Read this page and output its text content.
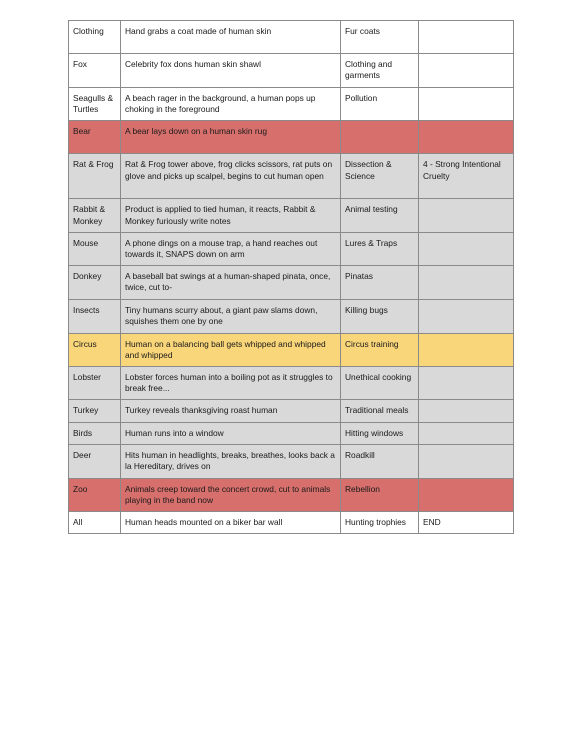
Clothing	Hand grabs a coat made of human skin	Fur coats	
Fox	Celebrity fox dons human skin shawl	Clothing and garments	
Seagulls & Turtles	A beach rager in the background, a human pops up choking in the foreground	Pollution	
Bear	A bear lays down on a human skin rug		
Rat & Frog	Rat & Frog tower above, frog clicks scissors, rat puts on glove and picks up scalpel, begins to cut human open	Dissection & Science	4 - Strong Intentional Cruelty
Rabbit & Monkey	Product is applied to tied human, it reacts, Rabbit & Monkey furiously write notes	Animal testing	
Mouse	A phone dings on a mouse trap, a hand reaches out towards it, SNAPS down on arm	Lures & Traps	
Donkey	A baseball bat swings at a human-shaped pinata, once, twice, cut to-	Pinatas	
Insects	Tiny humans scurry about, a giant paw slams down, squishes them one by one	Killing bugs	
Circus	Human on a balancing ball gets whipped and whipped and whipped	Circus training	
Lobster	Lobster forces human into a boiling pot as it struggles to break free...	Unethical cooking	
Turkey	Turkey reveals thanksgiving roast human	Traditional meals	
Birds	Human runs into a window	Hitting windows	
Deer	Hits human in headlights, breaks, breathes, looks back a la Hereditary, drives on	Roadkill	
Zoo	Animals creep toward the concert crowd, cut to animals playing in the band now	Rebellion	
All	Human heads mounted on a biker bar wall	Hunting trophies	END
